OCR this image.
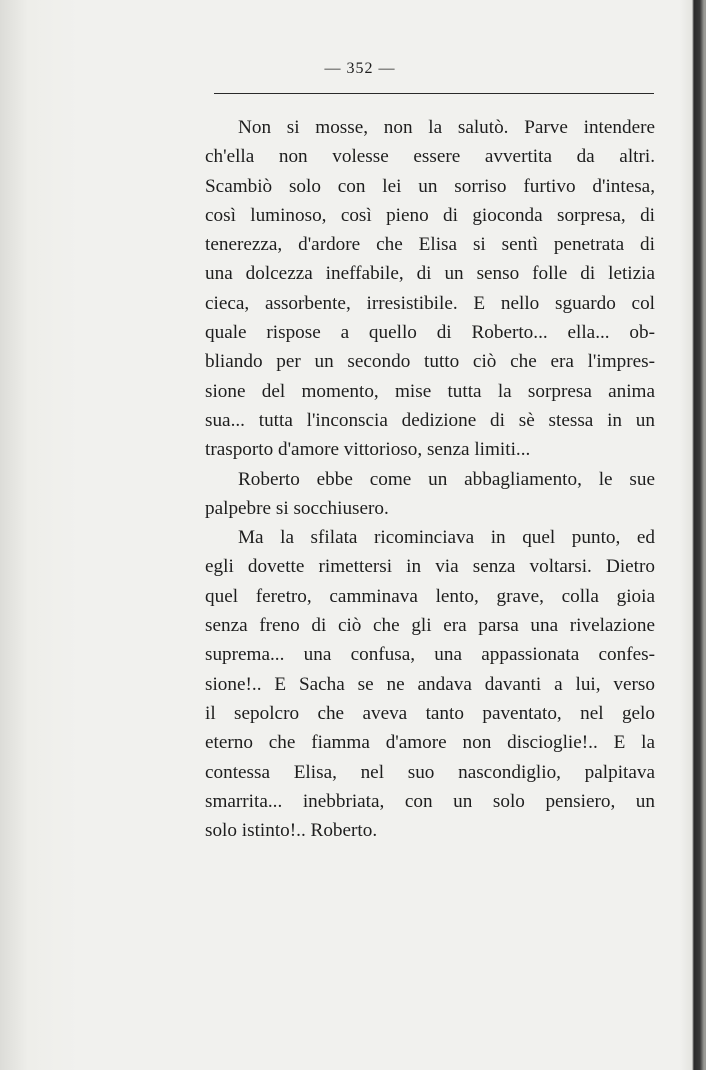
— 352 —

Non si mosse, non la salutò. Parve intendere
ch'ella non volesse essere avvertita da altri.
Scambiò solo con lei un sorriso furtivo d'intesa,
così luminoso, così pieno di gioconda sorpresa, di
tenerezza, d'ardore che Elisa si sentì penetrata di
una dolcezza ineffabile, di un senso folle di letizia
cieca, assorbente, irresistibile. E nello sguardo col
quale rispose a quello di Roberto... ella... ob-
bliando per un secondo tutto ciò che era l'impres-
sione del momento, mise tutta la sorpresa anima
sua... tutta l'inconscia dedizione di sè stessa in un
trasporto d'amore vittorioso, senza limiti...

Roberto ebbe come un abbagliamento, le sue
palpebre si socchiusero.

Ma la sfilata ricominciava in quel punto, ed
egli dovette rimettersi in via senza voltarsi. Dietro
quel feretro, camminava lento, grave, colla gioia
senza freno di ciò che gli era parsa una rivelazione
suprema... una confusa, una appassionata confes-
sione!.. E Sacha se ne andava davanti a lui, verso
il sepolcro che aveva tanto paventato, nel gelo
eterno che fiamma d'amore non discioglie!.. E la
contessa Elisa, nel suo nascondiglio, palpitava
smarrita... inebbriata, con un solo pensiero, un
solo istinto!.. Roberto.
